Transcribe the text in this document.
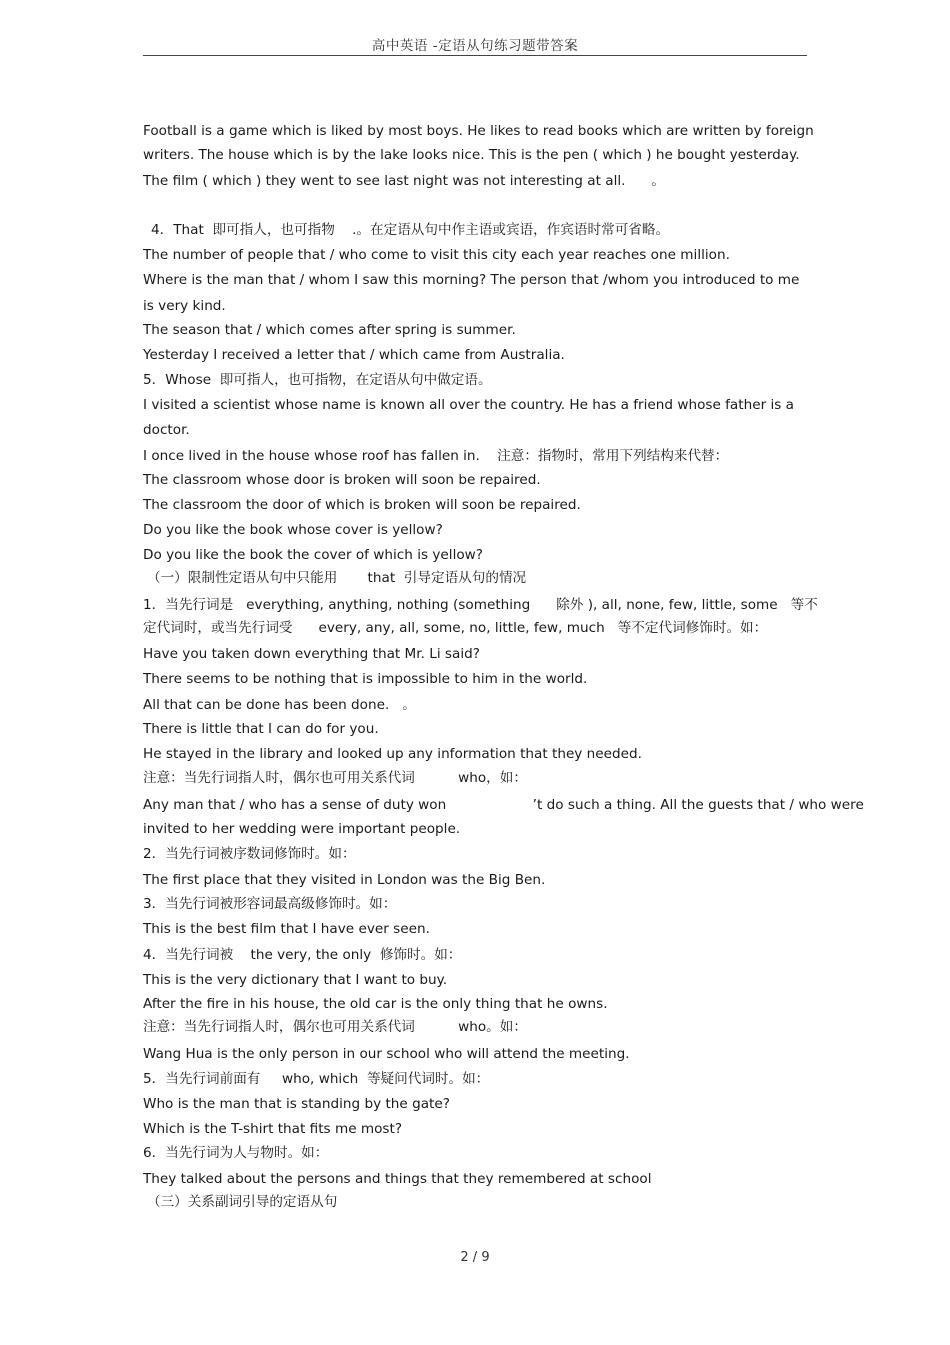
高中英语 -定语从句练习题带答案
Football is a game which is liked by most boys. He likes to read books which are written by foreign
writers. The house which is by the lake looks nice. This is the pen ( which ) he bought yesterday.
The film ( which ) they went to see last night was not interesting at all.      。
4．That  即可指人，也可指物    .。在定语从句中作主语或宾语，作宾语时常可省略。
The number of people that / who come to visit this city each year reaches one million.
Where is the man that / whom I saw this morning? The person that /whom you introduced to me
is very kind.
The season that / which comes after spring is summer.
Yesterday I received a letter that / which came from Australia.
5．Whose  即可指人，也可指物，在定语从句中做定语。
I visited a scientist whose name is known all over the country. He has a friend whose father is a
doctor.
I once lived in the house whose roof has fallen in.    注意：指物时，常用下列结构来代替：
The classroom whose door is broken will soon be repaired.
The classroom the door of which is broken will soon be repaired.
Do you like the book whose cover is yellow?
Do you like the book the cover of which is yellow?
（一）限制性定语从句中只能用       that  引导定语从句的情况
1．当先行词是   everything, anything, nothing (something      除外 ), all, none, few, little, some   等不
定代词时，或当先行词受      every, any, all, some, no, little, few, much   等不定代词修饰时。如：
Have you taken down everything that Mr. Li said?
There seems to be nothing that is impossible to him in the world.
All that can be done has been done.   。
There is little that I can do for you.
He stayed in the library and looked up any information that they needed.
注意：当先行词指人时，偶尔也可用关系代词          who，如：
Any man that / who has a sense of duty won                    ’t do such a thing. All the guests that / who were
invited to her wedding were important people.
2．当先行词被序数词修饰时。如：
The first place that they visited in London was the Big Ben.
3．当先行词被形容词最高级修饰时。如：
This is the best film that I have ever seen.
4．当先行词被    the very, the only  修饰时。如：
This is the very dictionary that I want to buy.
After the fire in his house, the old car is the only thing that he owns.
注意：当先行词指人时，偶尔也可用关系代词          who。如：
Wang Hua is the only person in our school who will attend the meeting.
5．当先行词前面有     who, which  等疑问代词时。如：
Who is the man that is standing by the gate?
Which is the T-shirt that fits me most?
6．当先行词为人与物时。如：
They talked about the persons and things that they remembered at school
（三）关系副词引导的定语从句
2 / 9
